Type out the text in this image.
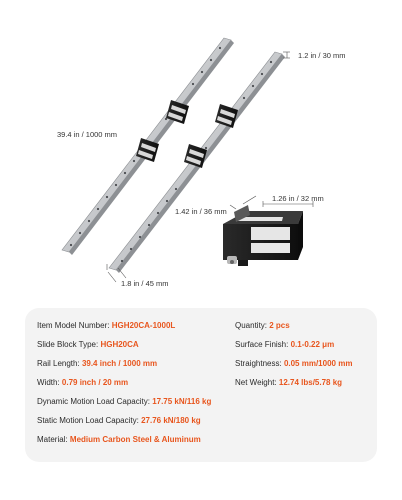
1.2 in / 30 mm
39.4 in / 1000 mm
1.8 in / 45 mm
1.26 in / 32 mm
1.42 in / 36 mm
Item Model Number: HGH20CA-1000L
Slide Block Type: HGH20CA
Rail Length: 39.4 inch / 1000 mm
Width: 0.79 inch / 20 mm
Dynamic Motion Load Capacity: 17.75 kN/116 kg
Static Motion Load Capacity: 27.76 kN/180 kg
Material: Medium Carbon Steel & Aluminum
Quantity: 2 pcs
Surface Finish: 0.1-0.22 μm
Straightness: 0.05 mm/1000 mm
Net Weight: 12.74 lbs/5.78 kg
